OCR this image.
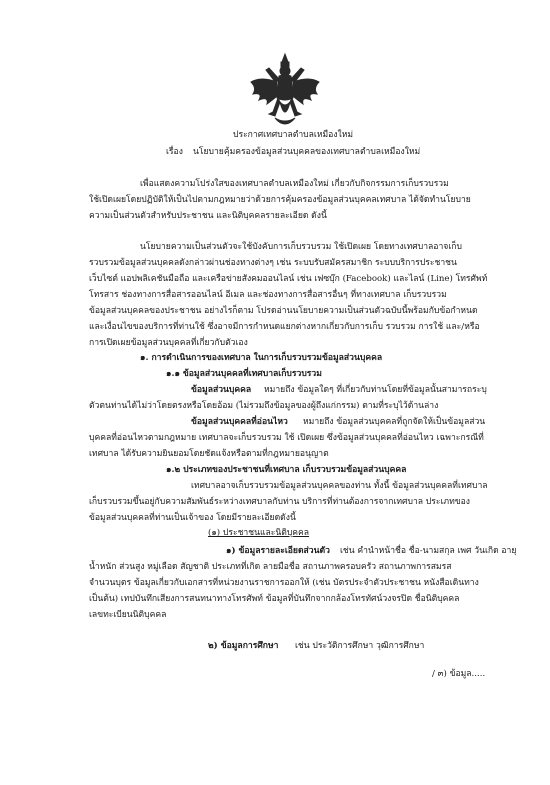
ประกาศเทศบาลตำบลเหมืองใหม่
เรื่อง นโยบายคุ้มครองข้อมูลส่วนบุคคลของเทศบาลตำบลเหมืองใหม่
เพื่อแสดงความโปร่งใสของเทศบาลตำบลเหมืองใหม่ เกี่ยวกับกิจกรรมการเก็บรวบรวม
ใช้เปิดเผยโดยปฏิบัติให้เป็นไปตามกฎหมายว่าด้วยการคุ้มครองข้อมูลส่วนบุคคลเทศบาล ได้จัดทำนโยบาย
ความเป็นส่วนตัวสำหรับประชาชน และนิติบุคคลรายละเอียด ดังนี้
นโยบายความเป็นส่วนตัวจะใช้บังคับการเก็บรวบรวม ใช้เปิดเผย โดยทางเทศบาลอาจเก็บ
รวบรวมข้อมูลส่วนบุคคลดังกล่าวผ่านช่องทางต่างๆ เช่น ระบบรับสมัครสมาชิก ระบบบริการประชาชน
เว็บไซต์ แอปพลิเคชันมือถือ และเครือข่ายสังคมออนไลน์ เช่น เฟซบุ๊ก (Facebook) และไลน์ (Line) โทรศัพท์
โทรสาร ช่องทางการสื่อสารออนไลน์ อีเมล และช่องทางการสื่อสารอื่นๆ ที่ทางเทศบาล เก็บรวบรวม
ข้อมูลส่วนบุคคลของประชาชน อย่างไรก็ตาม โปรดอ่านนโยบายความเป็นส่วนตัวฉบับนี้พร้อมกับข้อกำหนด
และเงื่อนไขของบริการที่ท่านใช้ ซึ่งอาจมีการกำหนดแยกต่างหากเกี่ยวกับการเก็บ รวบรวม การใช้ และ/หรือ
การเปิดเผยข้อมูลส่วนบุคคลที่เกี่ยวกับตัวเอง
๑. การดำเนินการของเทศบาล ในการเก็บรวบรวมข้อมูลส่วนบุคคล
๑.๑ ข้อมูลส่วนบุคคลที่เทศบาลเก็บรวบรวม
ข้อมูลส่วนบุคคล หมายถึง ข้อมูลใดๆ ที่เกี่ยวกับท่านโดยที่ข้อมูลนั้นสามารถระบุ
ตัวตนท่านได้ไม่ว่าโดยตรงหรือโดยอ้อม (ไม่รวมถึงข้อมูลของผู้ถึงแก่กรรม) ตามที่ระบุไว้ด้านล่าง
ข้อมูลส่วนบุคคลที่อ่อนไหว หมายถึง ข้อมูลส่วนบุคคลที่ถูกจัดให้เป็นข้อมูลส่วน
บุคคลที่อ่อนไหวตามกฎหมาย เทศบาลจะเก็บรวบรวม ใช้ เปิดเผย ซึ่งข้อมูลส่วนบุคคลที่อ่อนไหว เฉพาะกรณีที่
เทศบาล ได้รับความยินยอมโดยชัดแจ้งหรือตามที่กฎหมายอนุญาต
๑.๒ ประเภทของประชาชนที่เทศบาล เก็บรวบรวมข้อมูลส่วนบุคคล
เทศบาลอาจเก็บรวบรวมข้อมูลส่วนบุคคลของท่าน ทั้งนี้ ข้อมูลส่วนบุคคลที่เทศบาล
เก็บรวบรวมขึ้นอยู่กับความสัมพันธ์ระหว่างเทศบาลกับท่าน บริการที่ท่านต้องการจากเทศบาล ประเภทของ
ข้อมูลส่วนบุคคลที่ท่านเป็นเจ้าของ โดยมีรายละเอียดดังนี้
(๑) ประชาชนและนิติบุคคล
๑) ข้อมูลรายละเอียดส่วนตัว เช่น คำนำหน้าชื่อ ชื่อ-นามสกุล เพศ วันเกิด อายุ
น้ำหนัก ส่วนสูง หมู่เลือด สัญชาติ ประเภทที่เกิด ลายมือชื่อ สถานภาพครอบครัว สถานภาพการสมรส
จำนวนบุตร ข้อมูลเกี่ยวกับเอกสารที่หน่วยงานราชการออกให้ (เช่น บัตรประจำตัวประชาชน หนังสือเดินทาง
เป็นต้น) เทปบันทึกเสียงการสนทนาทางโทรศัพท์ ข้อมูลที่บันทึกจากกล้องโทรทัศน์วงจรปิด ชื่อนิติบุคคล
เลขทะเบียนนิติบุคคล
๒) ข้อมูลการศึกษา เช่น ประวัติการศึกษา วุฒิการศึกษา
/ ๓) ข้อมูล.....
